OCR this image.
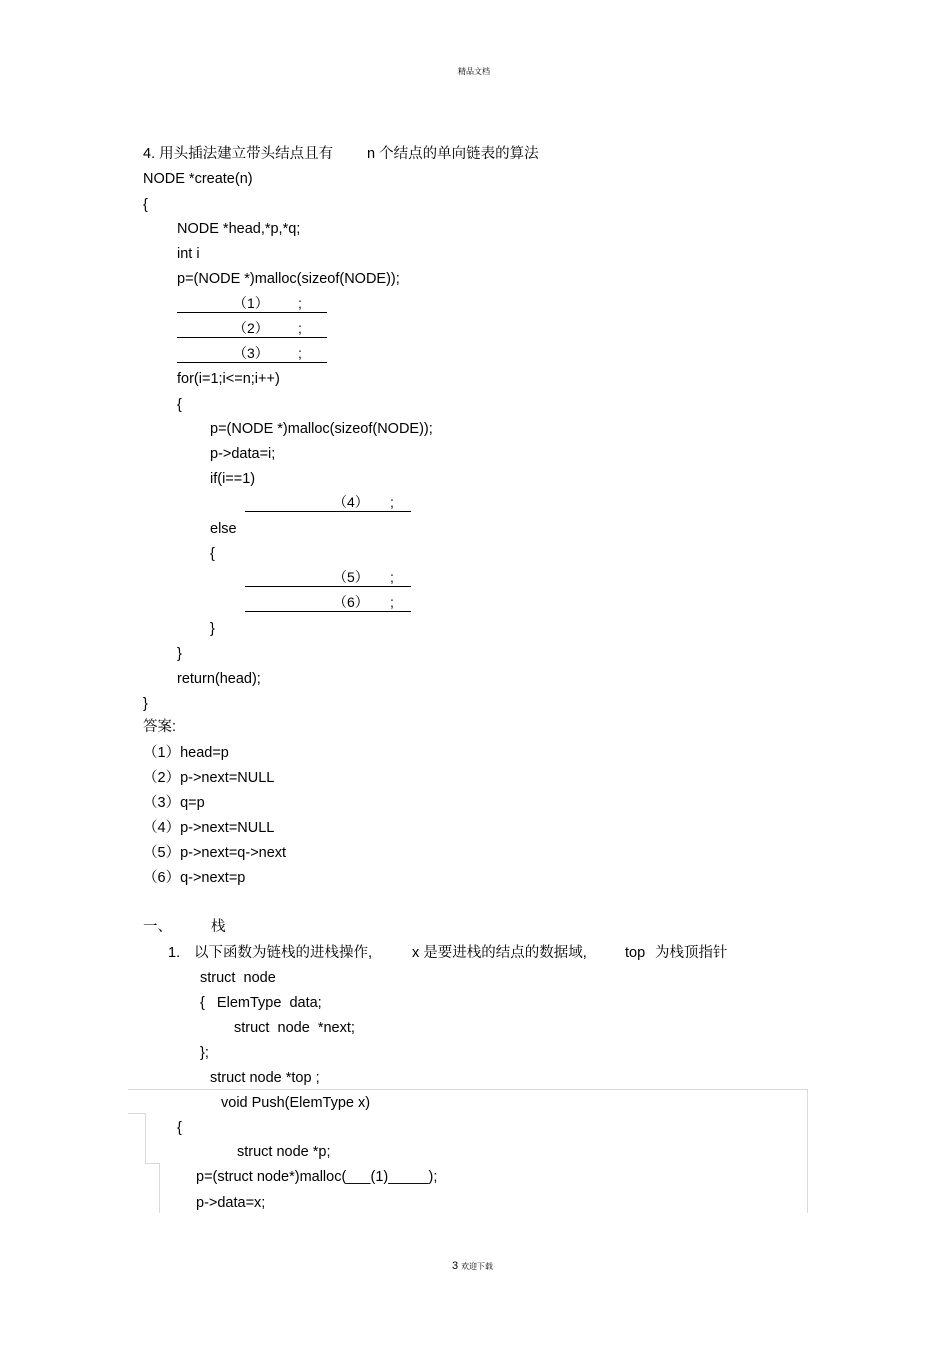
精品文档
4. 用头插法建立带头结点且有 n 个结点的单向链表的算法
NODE *create(n)
{
NODE *head,*p,*q;
int i
p=(NODE *)malloc(sizeof(NODE));

（1） ;

（2） ;

（3） ;

for(i=1;i<=n;i++)
{
p=(NODE *)malloc(sizeof(NODE));
p->data=i;
if(i==1)

（4） ;

else
{

（5） ;

（6） ;

}
}
return(head);
}
答案:
（1）head=p
（2）p->next=NULL
（3）q=p
（4）p->next=NULL
（5）p->next=q->next
（6）q->next=p
一、	栈
1. 以下函数为链栈的进栈操作,	x 是要进栈的结点的数据域,	top 为栈顶指针
struct  node
{   ElemType  data;
struct  node  *next;
};
struct node *top ;
void Push(ElemType x)
{
struct node *p;
p=(struct node*)malloc(___(1)_____);
p->data=x;
3 欢迎下载
